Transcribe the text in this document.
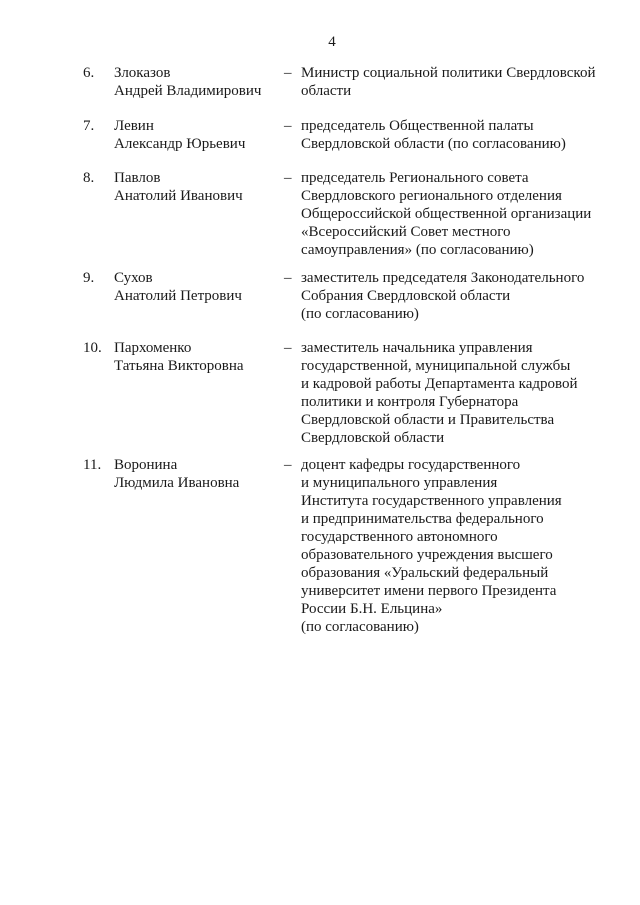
4
6. Злоказов
Андрей Владимирович
– Министр социальной политики Свердловской
области
7. Левин
Александр Юрьевич
– председатель Общественной палаты
Свердловской области (по согласованию)
8. Павлов
Анатолий Иванович
– председатель Регионального совета
Свердловского регионального отделения
Общероссийской общественной организации
«Всероссийский Совет местного
самоуправления» (по согласованию)
9. Сухов
Анатолий Петрович
– заместитель председателя Законодательного
Собрания Свердловской области
(по согласованию)
10. Пархоменко
Татьяна Викторовна
– заместитель начальника управления
государственной, муниципальной службы
и кадровой работы Департамента кадровой
политики и контроля Губернатора
Свердловской области и Правительства
Свердловской области
11. Воронина
Людмила Ивановна
– доцент кафедры государственного
и муниципального управления
Института государственного управления
и предпринимательства федерального
государственного автономного
образовательного учреждения высшего
образования «Уральский федеральный
университет имени первого Президента
России Б.Н. Ельцина»
(по согласованию)
